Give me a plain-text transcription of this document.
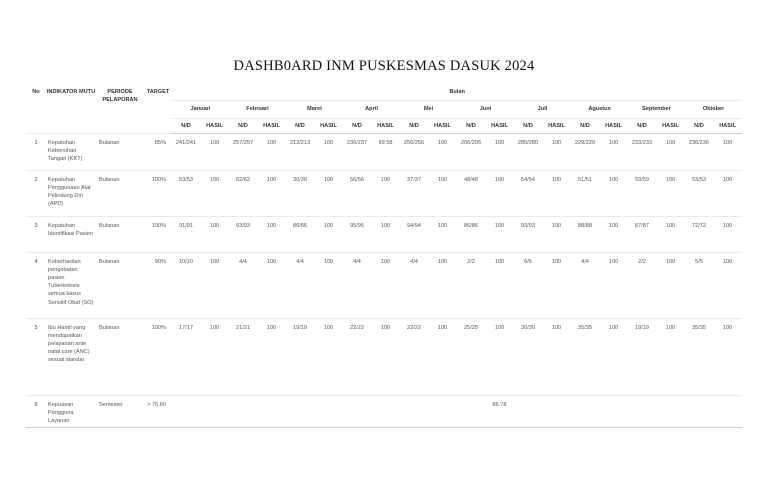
DASHB0ARD INM PUSKESMAS DASUK 2024
No	INDIKATOR MUTU	PERIODE PELAPORAN	TARGET	Bulan																			
				Januari		Februari		Maret		April		Mei		Juni		Juli		Agustus		September		Oktober	
				N/D	HASIL	N/D	HASIL	N/D	HASIL	N/D	HASIL	N/D	HASIL	N/D	HASIL	N/D	HASIL	N/D	HASIL	N/D	HASIL	N/D	HASIL
1	Kepatuhan Kebersihan Tangan (KKT)	Bulanan	85%	241/241	100	257/257	100	213/213	100	236/237	99.58	256/256	100	206/206	100	280/280	100	229/229	100	233/233	100	236/236	100
2	Kepatuhan Penggunaan Alat Pelindung Diri (APD)	Bulanan	100%	53/53	100	62/62	100	30/30	100	56/56	100	37/37	100	48/48	100	54/54	100	51/51	100	59/59	100	53/53	100
3	Kepatuhan Identifikasi Pasien	Bulanan	100%	91/91	100	93/93	100	86/86	100	95/95	100	94/94	100	86/86	100	93/93	100	88/88	100	87/87	100	72/72	100
4	Keberhasilan pengobatan pasien Tuberkolosis semua kasus Sensitif Obat (SO)	Bulanan	90%	10/10	100	4/4	100	4/4	100	4/4	100	4/4	100	2/2	100	6/6	100	4/4	100	2/2	100	5/5	100
5	Ibu Hamil yang mendapatkan pelayanan ante natal care (ANC) sesuai standar	Bulanan	100%	17/17	100	21/21	100	19/19	100	22/22	100	22/22	100	25/25	100	30/30	100	35/35	100	19/19	100	35/35	100
6	Kepuasan Pengguna Layanan	Semester	> 76,60												86.78								
